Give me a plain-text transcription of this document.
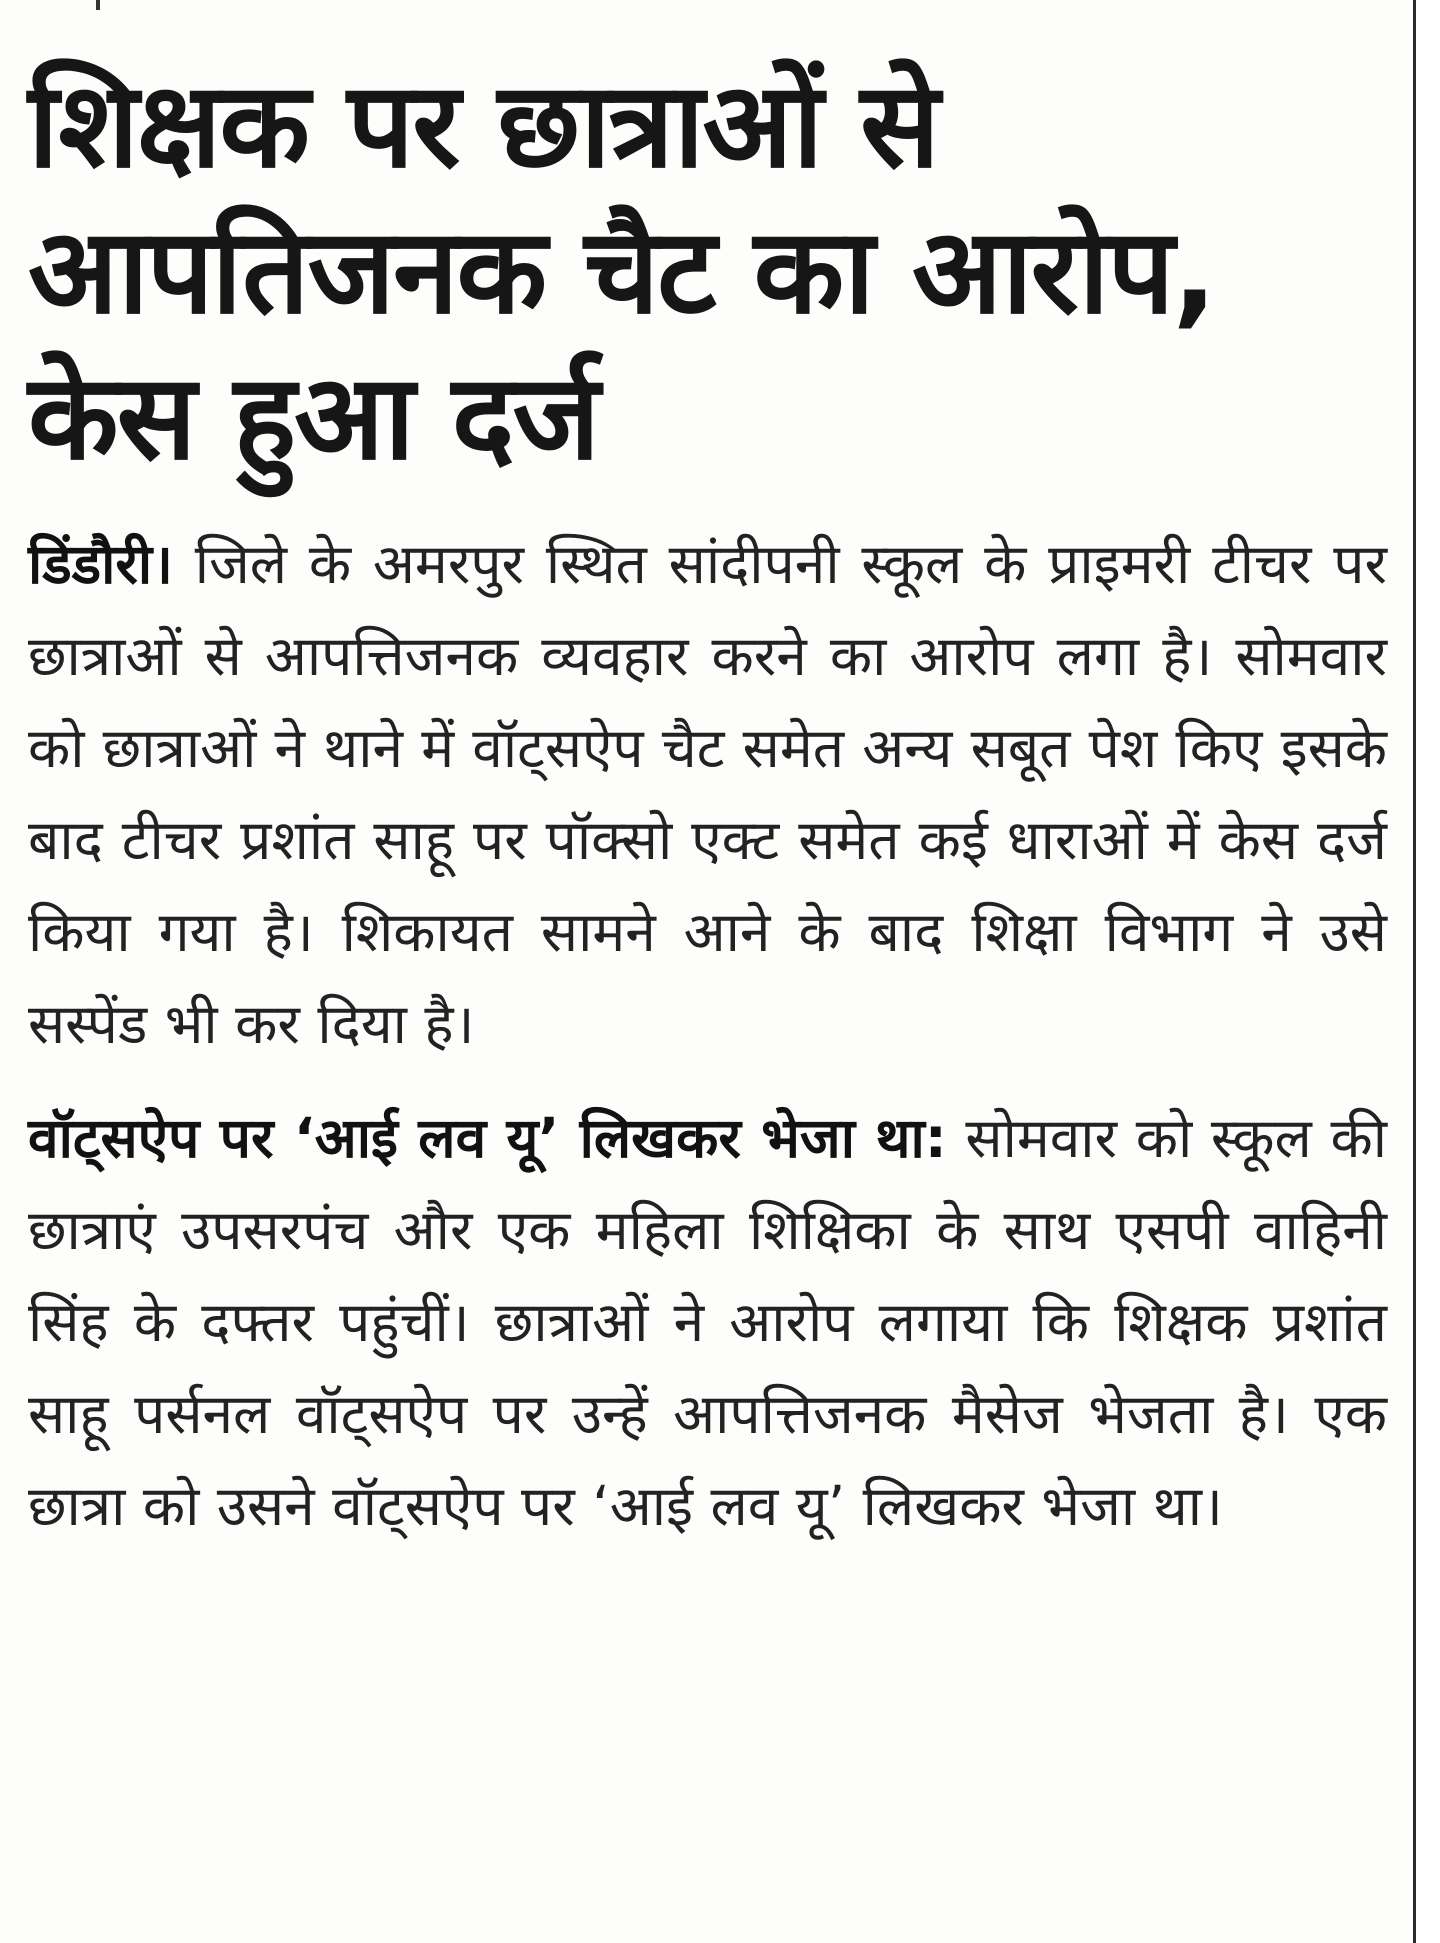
शिक्षक पर छात्राओं से
आपतिजनक चैट का आरोप,
केस हुआ दर्ज

डिंडौरी। जिले के अमरपुर स्थित सांदीपनी स्कूल के प्राइमरी टीचर पर छात्राओं से आपत्तिजनक व्यवहार करने का आरोप लगा है। सोमवार को छात्राओं ने थाने में वॉट्सऐप चैट समेत अन्य सबूत पेश किए इसके बाद टीचर प्रशांत साहू पर पॉक्सो एक्ट समेत कई धाराओं में केस दर्ज किया गया है। शिकायत सामने आने के बाद शिक्षा विभाग ने उसे सस्पेंड भी कर दिया है।

वॉट्सऐप पर ‘आई लव यू’ लिखकर भेजा था: सोमवार को स्कूल की छात्राएं उपसरपंच और एक महिला शिक्षिका के साथ एसपी वाहिनी सिंह के दफ्तर पहुंचीं। छात्राओं ने आरोप लगाया कि शिक्षक प्रशांत साहू पर्सनल वॉट्सऐप पर उन्हें आपत्तिजनक मैसेज भेजता है। एक छात्रा को उसने वॉट्सऐप पर ‘आई लव यू’ लिखकर भेजा था।
